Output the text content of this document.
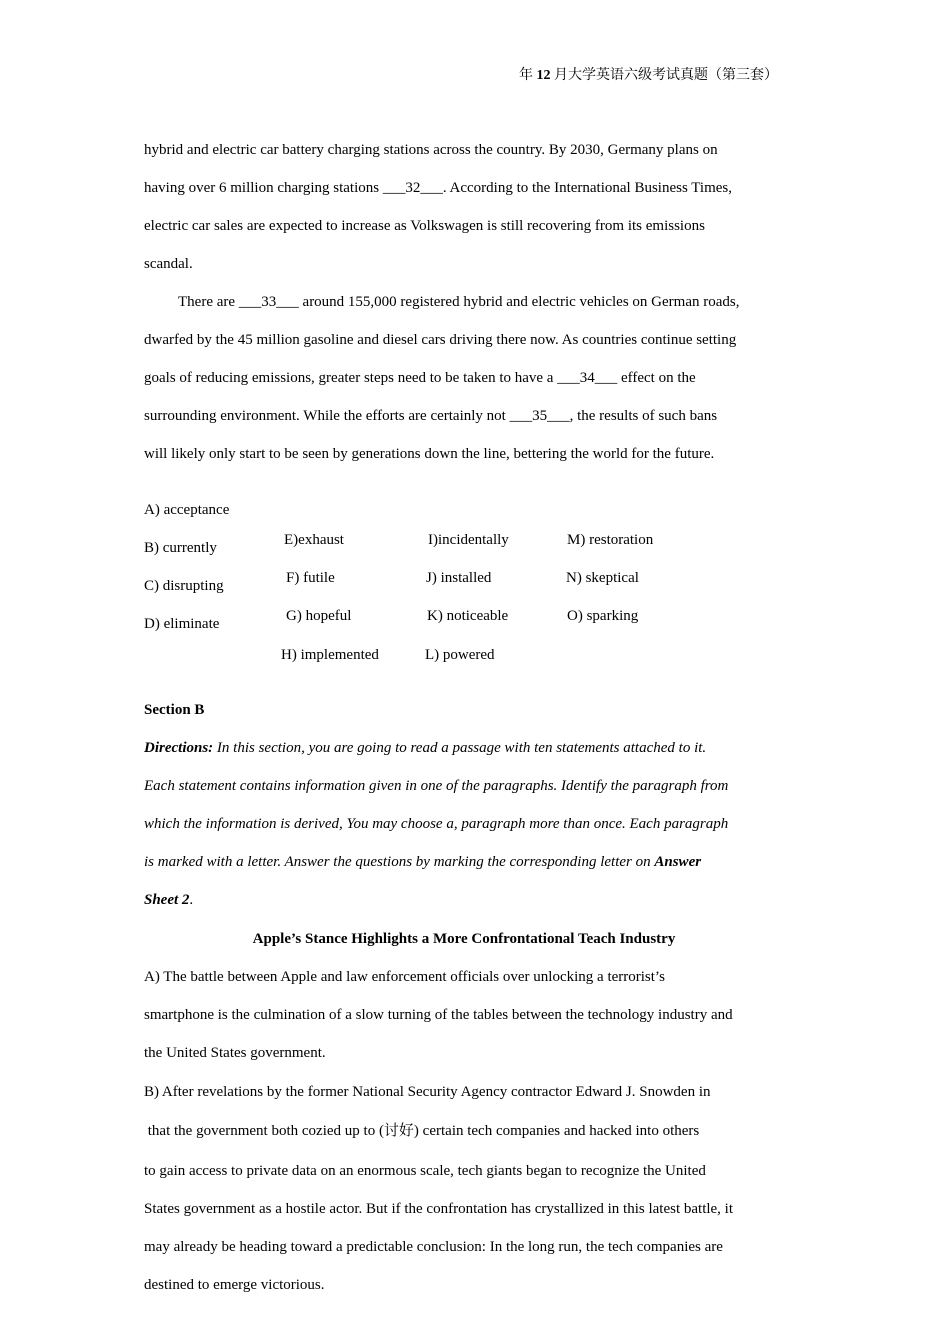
年 12 月大学英语六级考试真题（第三套）
hybrid and electric car battery charging stations across the country. By 2030, Germany plans on
having over 6 million charging stations ___32___. According to the International Business Times,
electric car sales are expected to increase as Volkswagen is still recovering from its emissions
scandal.
There are ___33___ around 155,000 registered hybrid and electric vehicles on German roads,
dwarfed by the 45 million gasoline and diesel cars driving there now. As countries continue setting
goals of reducing emissions, greater steps need to be taken to have a ___34___ effect on the
surrounding environment. While the efforts are certainly not ___35___, the results of such bans
will likely only start to be seen by generations down the line, bettering the world for the future.
A) acceptance
B) currently
C) disrupting
D) eliminate
E)exhaust
F) futile
G) hopeful
H) implemented
I)incidentally
J) installed
K) noticeable
L) powered
M) restoration
N) skeptical
O) sparking
Section B
Directions: In this section, you are going to read a passage with ten statements attached to it.
Each statement contains information given in one of the paragraphs. Identify the paragraph from
which the information is derived, You may choose a, paragraph more than once. Each paragraph
is marked with a letter. Answer the questions by marking the corresponding letter on Answer
Sheet 2.
Apple’s Stance Highlights a More Confrontational Teach Industry
A) The battle between Apple and law enforcement officials over unlocking a terrorist’s
smartphone is the culmination of a slow turning of the tables between the technology industry and
the United States government.
B) After revelations by the former National Security Agency contractor Edward J. Snowden in
that the government both cozied up to (讨好) certain tech companies and hacked into others
to gain access to private data on an enormous scale, tech giants began to recognize the United
States government as a hostile actor. But if the confrontation has crystallized in this latest battle, it
may already be heading toward a predictable conclusion: In the long run, the tech companies are
destined to emerge victorious.
